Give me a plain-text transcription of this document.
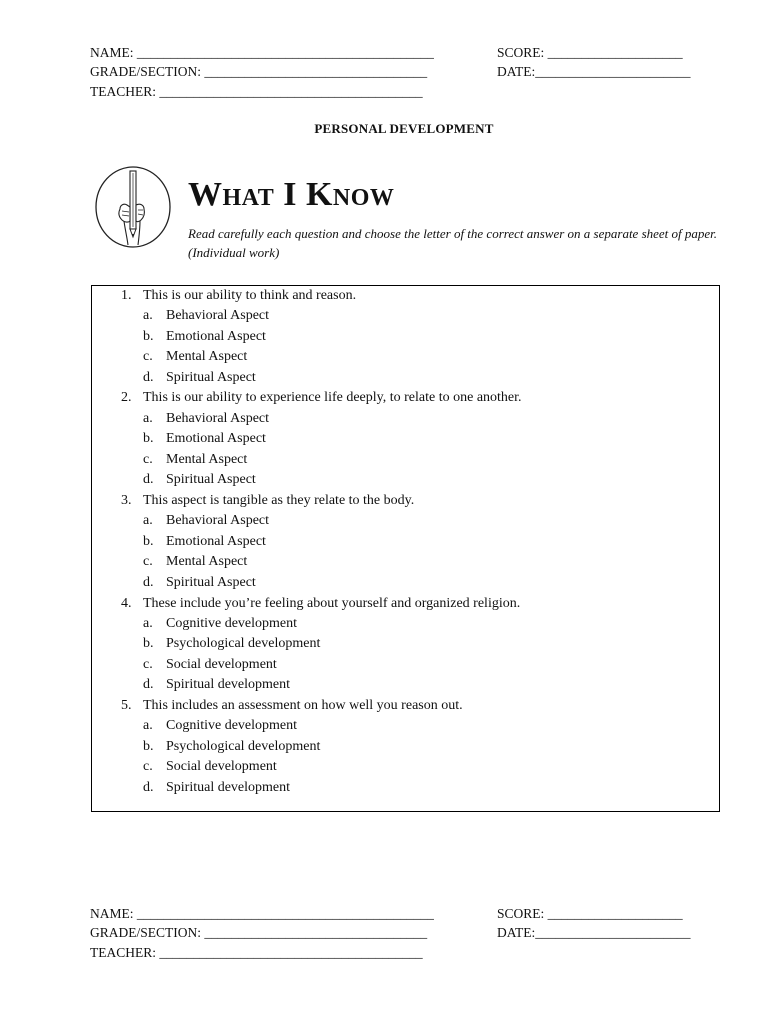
NAME: ____________________________________________
GRADE/SECTION: _________________________________
TEACHER: _______________________________________
SCORE: ____________________
DATE:_______________________
PERSONAL DEVELOPMENT
What I Know
Read carefully each question and choose the letter of the correct answer on a separate sheet of paper. (Individual work)
1. This is our ability to think and reason.
a. Behavioral Aspect
b. Emotional Aspect
c. Mental Aspect
d. Spiritual Aspect
2. This is our ability to experience life deeply, to relate to one another.
a. Behavioral Aspect
b. Emotional Aspect
c. Mental Aspect
d. Spiritual Aspect
3. This aspect is tangible as they relate to the body.
a. Behavioral Aspect
b. Emotional Aspect
c. Mental Aspect
d. Spiritual Aspect
4. These include you’re feeling about yourself and organized religion.
a. Cognitive development
b. Psychological development
c. Social development
d. Spiritual development
5. This includes an assessment on how well you reason out.
a. Cognitive development
b. Psychological development
c. Social development
d. Spiritual development
NAME: ____________________________________________
GRADE/SECTION: _________________________________
TEACHER: _______________________________________
SCORE: ____________________
DATE:_______________________
